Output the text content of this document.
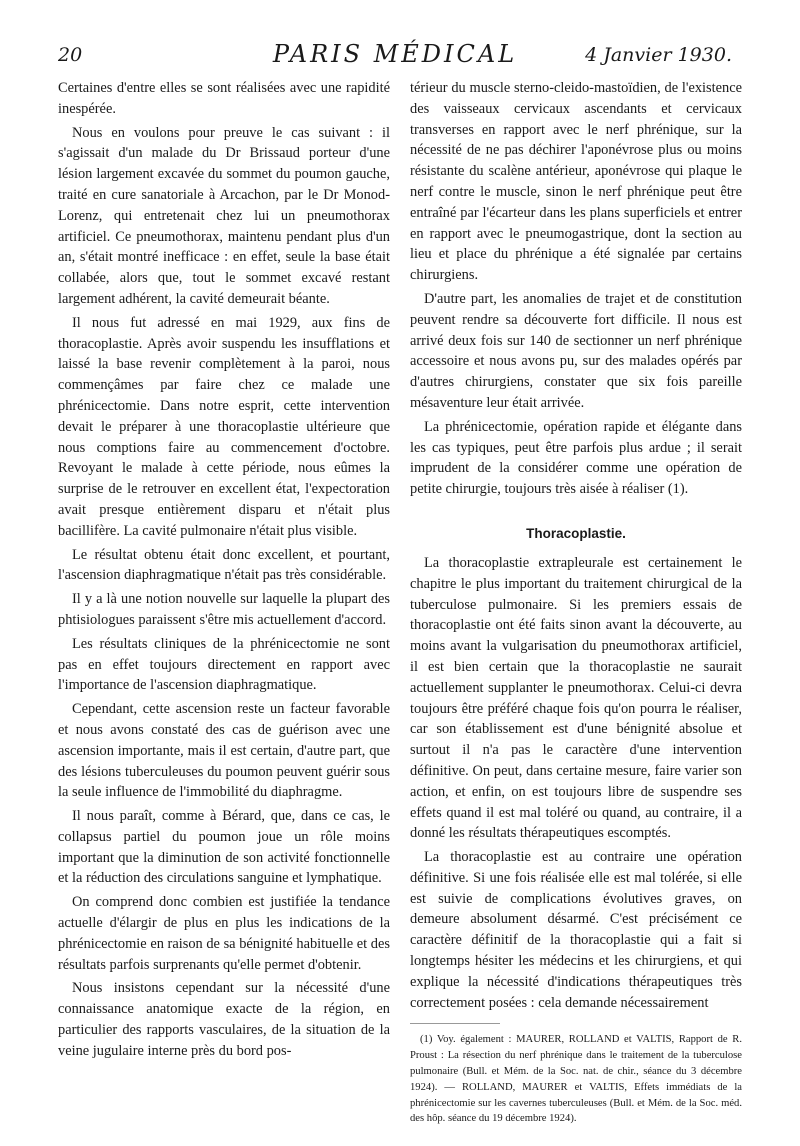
20	PARIS MÉDICAL	4 Janvier 1930.

Certaines d'entre elles se sont réalisées avec une rapidité inespérée.

Nous en voulons pour preuve le cas suivant : il s'agissait d'un malade du Dr Brissaud porteur d'une lésion largement excavée du sommet du poumon gauche, traité en cure sanatoriale à Arcachon, par le Dr Monod-Lorenz, qui entretenait chez lui un pneumothorax artificiel. Ce pneumothorax, maintenu pendant plus d'un an, s'était montré inefficace : en effet, seule la base était collabée, alors que, tout le sommet excavé restant largement adhérent, la cavité demeurait béante.

Il nous fut adressé en mai 1929, aux fins de thoracoplastie. Après avoir suspendu les insufflations et laissé la base revenir complètement à la paroi, nous commençâmes par faire chez ce malade une phrénicectomie. Dans notre esprit, cette intervention devait le préparer à une thoracoplastie ultérieure que nous comptions faire au commencement d'octobre. Revoyant le malade à cette période, nous eûmes la surprise de le retrouver en excellent état, l'expectoration avait presque entièrement disparu et n'était plus bacillifère. La cavité pulmonaire n'était plus visible.

Le résultat obtenu était donc excellent, et pourtant, l'ascension diaphragmatique n'était pas très considérable.

Il y a là une notion nouvelle sur laquelle la plupart des phtisiologues paraissent s'être mis actuellement d'accord.

Les résultats cliniques de la phrénicectomie ne sont pas en effet toujours directement en rapport avec l'importance de l'ascension diaphragmatique.

Cependant, cette ascension reste un facteur favorable et nous avons constaté des cas de guérison avec une ascension importante, mais il est certain, d'autre part, que des lésions tuberculeuses du poumon peuvent guérir sous la seule influence de l'immobilité du diaphragme.

Il nous paraît, comme à Bérard, que, dans ce cas, le collapsus partiel du poumon joue un rôle moins important que la diminution de son activité fonctionnelle et la réduction des circulations sanguine et lymphatique.

On comprend donc combien est justifiée la tendance actuelle d'élargir de plus en plus les indications de la phrénicectomie en raison de sa bénignité habituelle et des résultats parfois surprenants qu'elle permet d'obtenir.

Nous insistons cependant sur la nécessité d'une connaissance anatomique exacte de la région, en particulier des rapports vasculaires, de la situation de la veine jugulaire interne près du bord pos-

térieur du muscle sterno-cleido-mastoïdien, de l'existence des vaisseaux cervicaux ascendants et cervicaux transverses en rapport avec le nerf phrénique, sur la nécessité de ne pas déchirer l'aponévrose plus ou moins résistante du scalène antérieur, aponévrose qui plaque le nerf contre le muscle, sinon le nerf phrénique peut être entraîné par l'écarteur dans les plans superficiels et entrer en rapport avec le pneumogastrique, dont la section au lieu et place du phrénique a été signalée par certains chirurgiens.

D'autre part, les anomalies de trajet et de constitution peuvent rendre sa découverte fort difficile. Il nous est arrivé deux fois sur 140 de sectionner un nerf phrénique accessoire et nous avons pu, sur des malades opérés par d'autres chirurgiens, constater que six fois pareille mésaventure leur était arrivée.

La phrénicectomie, opération rapide et élégante dans les cas typiques, peut être parfois plus ardue ; il serait imprudent de la considérer comme une opération de petite chirurgie, toujours très aisée à réaliser (1).

Thoracoplastie.

La thoracoplastie extrapleurale est certainement le chapitre le plus important du traitement chirurgical de la tuberculose pulmonaire. Si les premiers essais de thoracoplastie ont été faits sinon avant la découverte, au moins avant la vulgarisation du pneumothorax artificiel, il est bien certain que la thoracoplastie ne saurait actuellement supplanter le pneumothorax. Celui-ci devra toujours être préféré chaque fois qu'on pourra le réaliser, car son établissement est d'une bénignité absolue et surtout il n'a pas le caractère d'une intervention définitive. On peut, dans certaine mesure, faire varier son action, et enfin, on est toujours libre de suspendre ses effets quand il est mal toléré ou quand, au contraire, il a donné les résultats thérapeutiques escomptés.

La thoracoplastie est au contraire une opération définitive. Si une fois réalisée elle est mal tolérée, si elle est suivie de complications évolutives graves, on demeure absolument désarmé. C'est précisément ce caractère définitif de la thoracoplastie qui a fait si longtemps hésiter les médecins et les chirurgiens, et qui explique la nécessité d'indications thérapeutiques très correctement posées : cela demande nécessairement

(1) Voy. également : MAURER, ROLLAND et VALTIS, Rapport de R. Proust : La résection du nerf phrénique dans le traitement de la tuberculose pulmonaire (Bull. et Mém. de la Soc. nat. de chir., séance du 3 décembre 1924). — ROLLAND, MAURER et VALTIS, Effets immédiats de la phrénicectomie sur les cavernes tuberculeuses (Bull. et Mém. de la Soc. méd. des hôp. séance du 19 décembre 1924).
